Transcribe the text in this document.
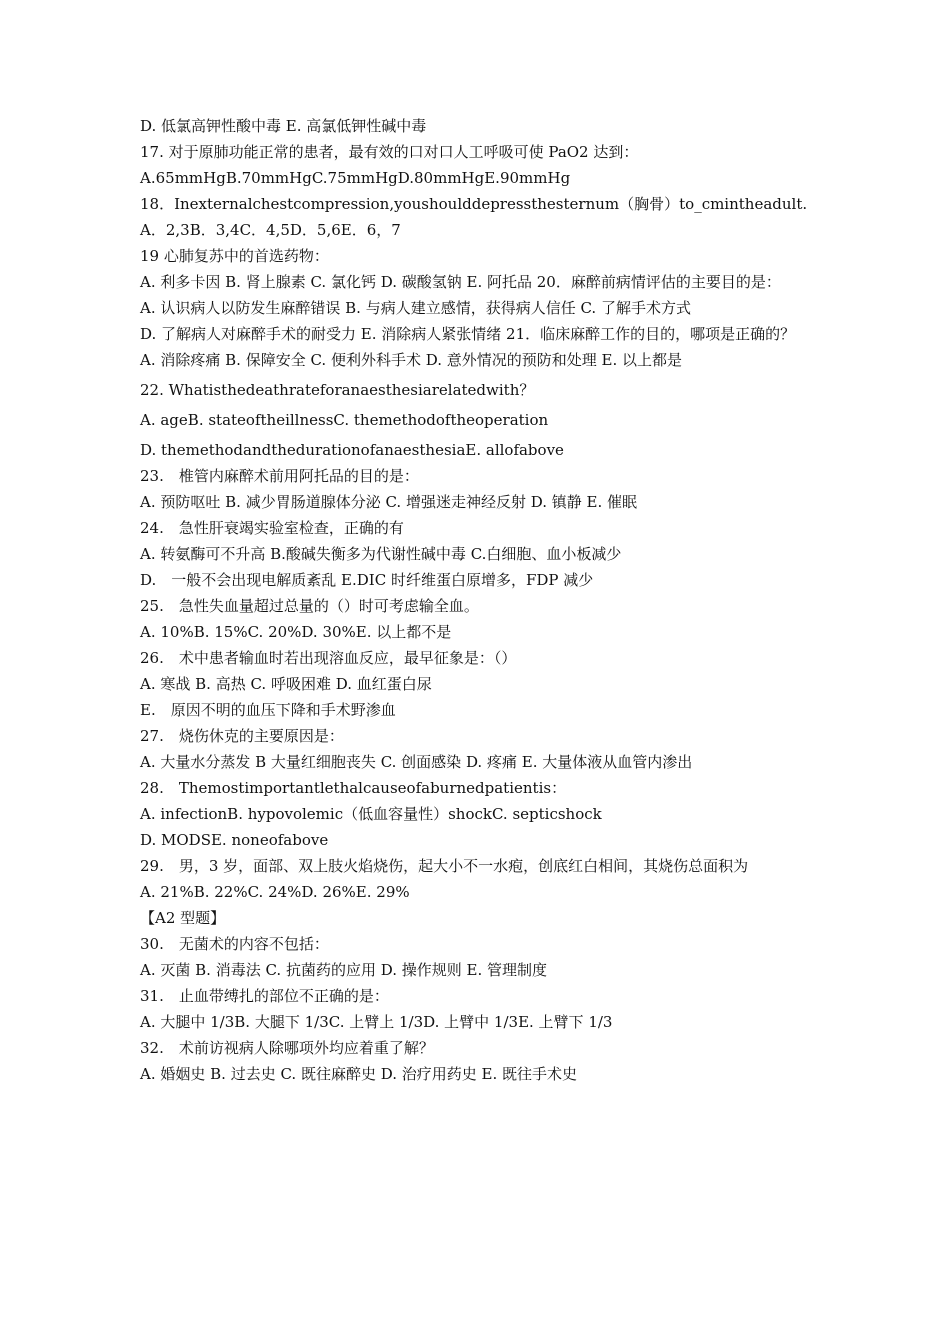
D. 低氯高钾性酸中毒 E. 高氯低钾性碱中毒
17. 对于原肺功能正常的患者，最有效的口对口人工呼吸可使 PaO2 达到：
A.65mmHgB.70mmHgC.75mmHgD.80mmHgE.90mmHg
18．Inexternalchestcompression,youshoulddepressthesternum（胸骨）to_cmintheadult.A．2,3B．3,4C．4,5D．5,6E．6，7
19 心肺复苏中的首选药物：
A. 利多卡因 B. 肾上腺素 C. 氯化钙 D. 碳酸氢钠 E. 阿托品 20．麻醉前病情评估的主要目的是：
A. 认识病人以防发生麻醉错误 B. 与病人建立感情，获得病人信任 C. 了解手术方式
D. 了解病人对麻醉手术的耐受力 E. 消除病人紧张情绪 21．临床麻醉工作的目的，哪项是正确的？
A. 消除疼痛 B. 保障安全 C. 便利外科手术 D. 意外情况的预防和处理 E. 以上都是
22. Whatisthedeathrateforanaesthesiarelatedwith？
A. ageB. stateoftheillnessC. themethodoftheoperation
D. themethodandthedurationofanaesthesiaE. allofabove
23.　椎管内麻醉术前用阿托品的目的是：
A. 预防呕吐 B. 减少胃肠道腺体分泌 C. 增强迷走神经反射 D. 镇静 E. 催眠
24.　急性肝衰竭实验室检查，正确的有
A. 转氨酶可不升高 B.酸碱失衡多为代谢性碱中毒 C.白细胞、血小板减少
D.　一般不会出现电解质紊乱 E.DIC 时纤维蛋白原增多，FDP 减少
25.　急性失血量超过总量的（）时可考虑输全血。
A. 10%B. 15%C. 20%D. 30%E. 以上都不是
26.　术中患者输血时若出现溶血反应，最早征象是：（）
A. 寒战 B. 高热 C. 呼吸困难 D. 血红蛋白尿
E.　原因不明的血压下降和手术野渗血
27.　烧伤休克的主要原因是：
A. 大量水分蒸发 B 大量红细胞丧失 C. 创面感染 D. 疼痛 E. 大量体液从血管内渗出
28.　Themostimportantlethalcauseofaburnedpatientis：
A. infectionB. hypovolemic（低血容量性）shockC. septicshock
D. MODSE. noneofabove
29.　男，3 岁，面部、双上肢火焰烧伤，起大小不一水疱，创底红白相间，其烧伤总面积为
A. 21%B. 22%C. 24%D. 26%E. 29%
【A2 型题】
30.　无菌术的内容不包括：
A. 灭菌 B. 消毒法 C. 抗菌药的应用 D. 操作规则 E. 管理制度
31.　止血带缚扎的部位不正确的是：
A. 大腿中 1/3B. 大腿下 1/3C. 上臂上 1/3D. 上臂中 1/3E. 上臂下 1/3
32.　术前访视病人除哪项外均应着重了解？
A. 婚姻史 B. 过去史 C. 既往麻醉史 D. 治疗用药史 E. 既往手术史
